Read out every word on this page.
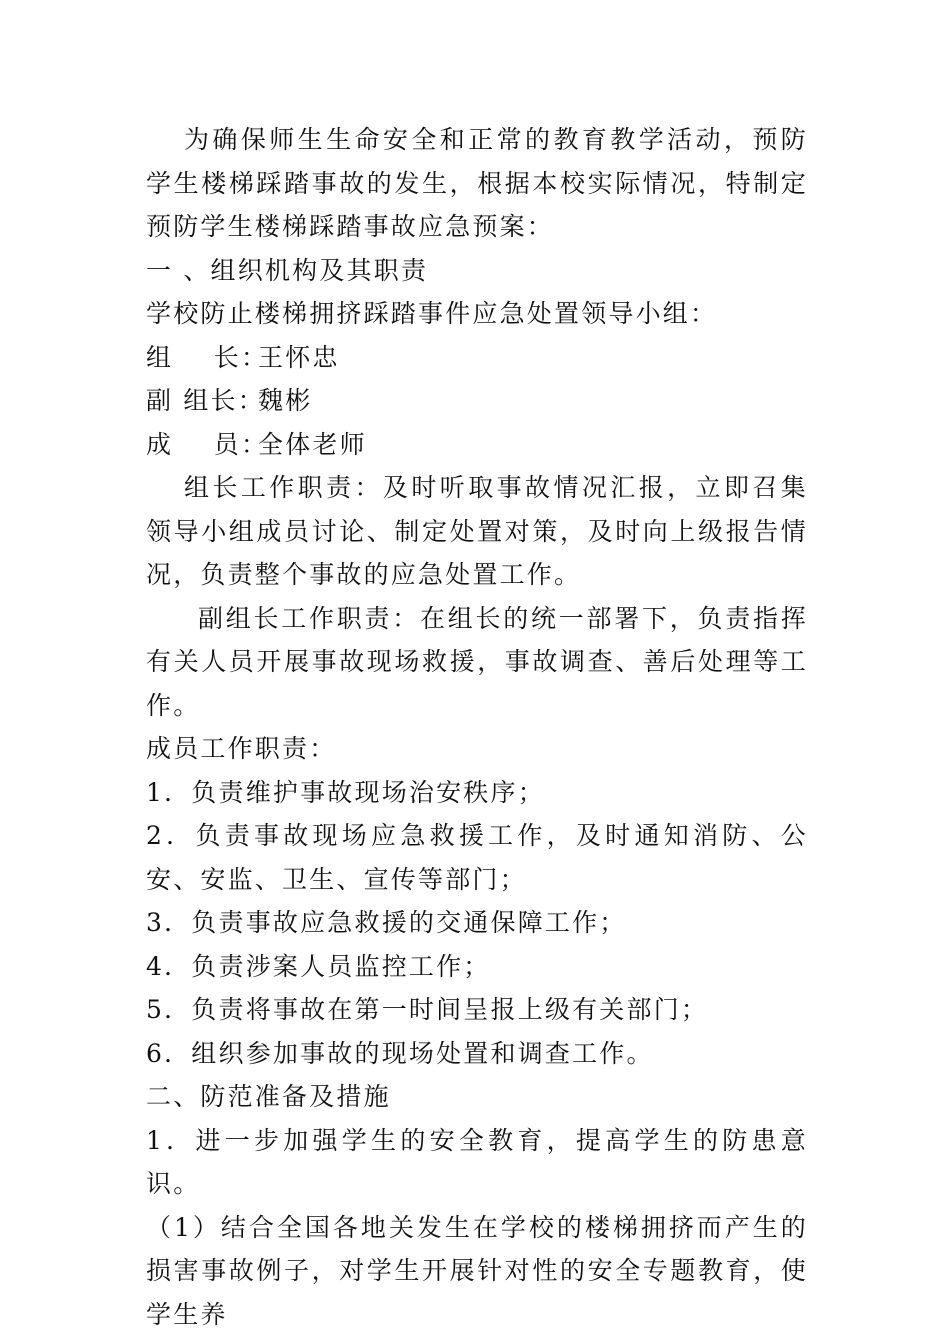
为确保师生生命安全和正常的教育教学活动，预防学生楼梯踩踏事故的发生，根据本校实际情况，特制定预防学生楼梯踩踏事故应急预案：

一 、组织机构及其职责

学校防止楼梯拥挤踩踏事件应急处置领导小组：

组    长：王怀忠

副 组长：魏彬

成    员：全体老师

组长工作职责：及时听取事故情况汇报，立即召集领导小组成员讨论、制定处置对策，及时向上级报告情况，负责整个事故的应急处置工作。

副组长工作职责：在组长的统一部署下，负责指挥有关人员开展事故现场救援，事故调查、善后处理等工作。

成员工作职责：

1．负责维护事故现场治安秩序；

2．负责事故现场应急救援工作，及时通知消防、公安、安监、卫生、宣传等部门；

3．负责事故应急救援的交通保障工作；

4．负责涉案人员监控工作；

5．负责将事故在第一时间呈报上级有关部门；

6．组织参加事故的现场处置和调查工作。

二、防范准备及措施

1．进一步加强学生的安全教育，提高学生的防患意识。

（1）结合全国各地关发生在学校的楼梯拥挤而产生的损害事故例子，对学生开展针对性的安全专题教育，使学生养
